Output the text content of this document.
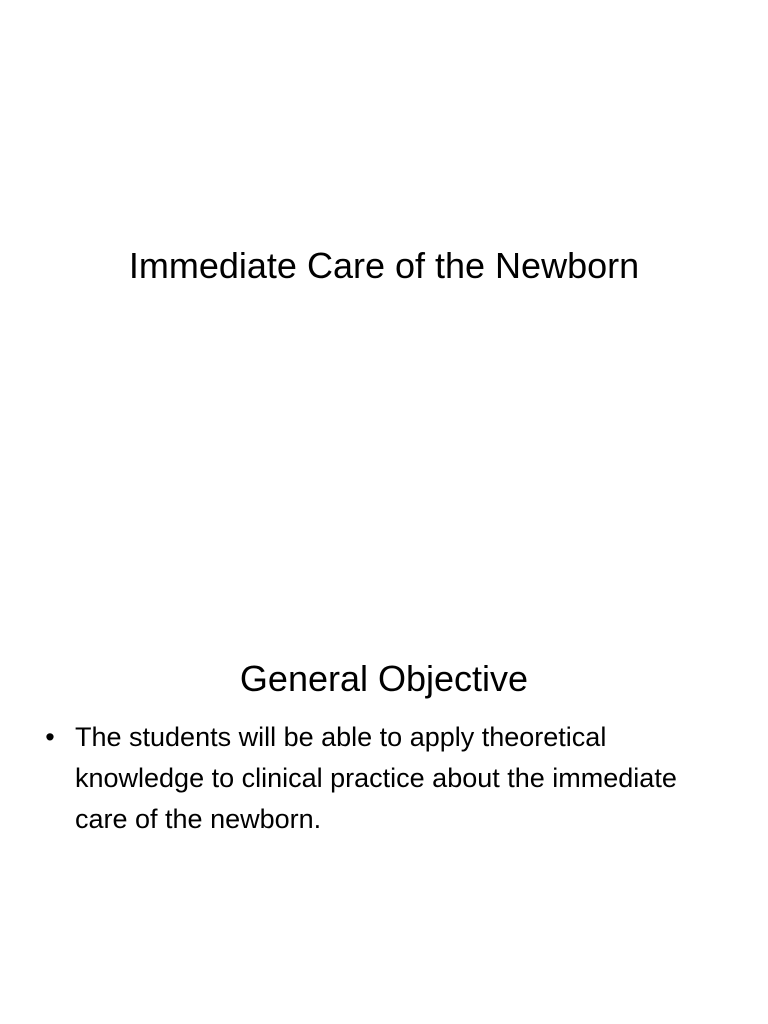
Immediate Care of the Newborn
General Objective
• The students will be able to apply theoretical knowledge to clinical practice about the immediate care of the newborn.
